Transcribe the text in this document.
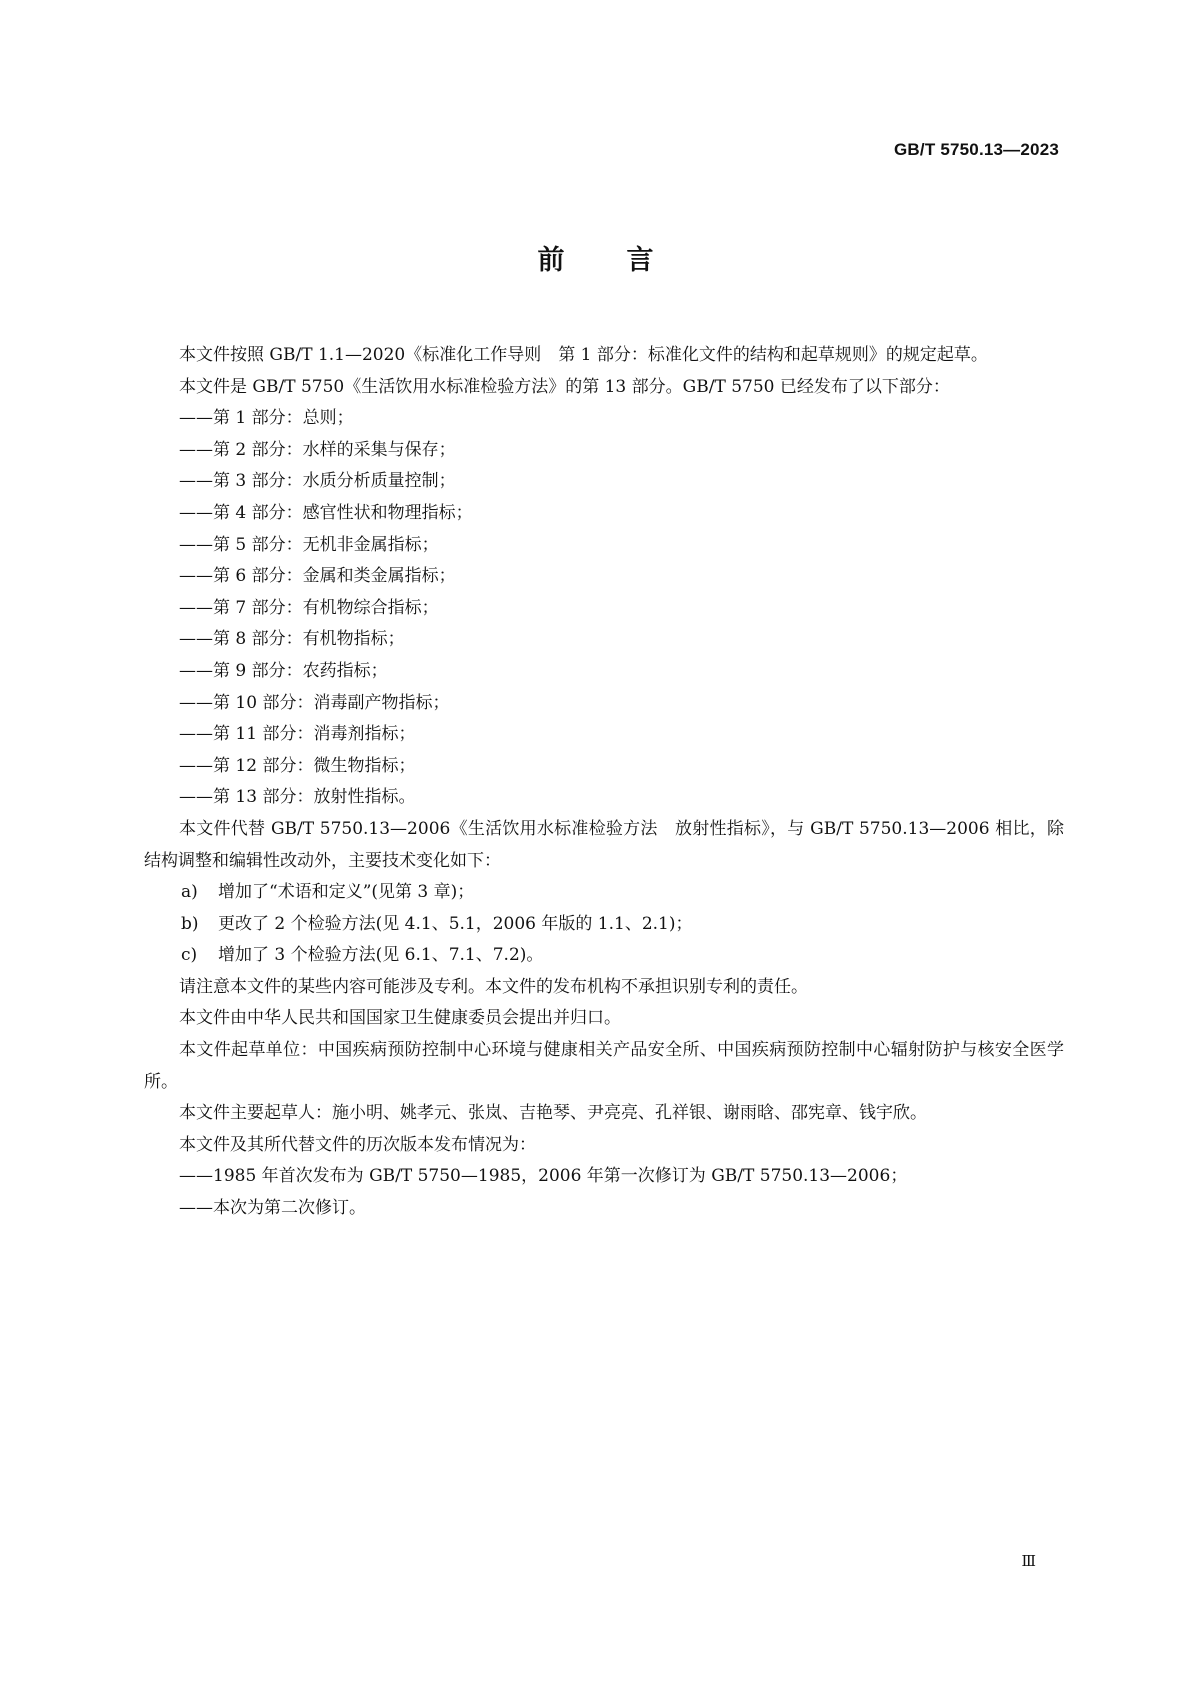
GB/T 5750.13—2023
前言

本文件按照 GB/T 1.1—2020《标准化工作导则　第 1 部分：标准化文件的结构和起草规则》的规定起草。

本文件是 GB/T 5750《生活饮用水标准检验方法》的第 13 部分。GB/T 5750 已经发布了以下部分：

——第 1 部分：总则；

——第 2 部分：水样的采集与保存；

——第 3 部分：水质分析质量控制；

——第 4 部分：感官性状和物理指标；

——第 5 部分：无机非金属指标；

——第 6 部分：金属和类金属指标；

——第 7 部分：有机物综合指标；

——第 8 部分：有机物指标；

——第 9 部分：农药指标；

——第 10 部分：消毒副产物指标；

——第 11 部分：消毒剂指标；

——第 12 部分：微生物指标；

——第 13 部分：放射性指标。

本文件代替 GB/T 5750.13—2006《生活饮用水标准检验方法　放射性指标》，与 GB/T 5750.13—2006 相比，除结构调整和编辑性改动外，主要技术变化如下：

a) 增加了“术语和定义”(见第 3 章)；

b) 更改了 2 个检验方法(见 4.1、5.1，2006 年版的 1.1、2.1)；

c) 增加了 3 个检验方法(见 6.1、7.1、7.2)。

请注意本文件的某些内容可能涉及专利。本文件的发布机构不承担识别专利的责任。

本文件由中华人民共和国国家卫生健康委员会提出并归口。

本文件起草单位：中国疾病预防控制中心环境与健康相关产品安全所、中国疾病预防控制中心辐射防护与核安全医学所。

本文件主要起草人：施小明、姚孝元、张岚、吉艳琴、尹亮亮、孔祥银、谢雨晗、邵宪章、钱宇欣。

本文件及其所代替文件的历次版本发布情况为：

——1985 年首次发布为 GB/T 5750—1985，2006 年第一次修订为 GB/T 5750.13—2006；

——本次为第二次修订。

Ⅲ
